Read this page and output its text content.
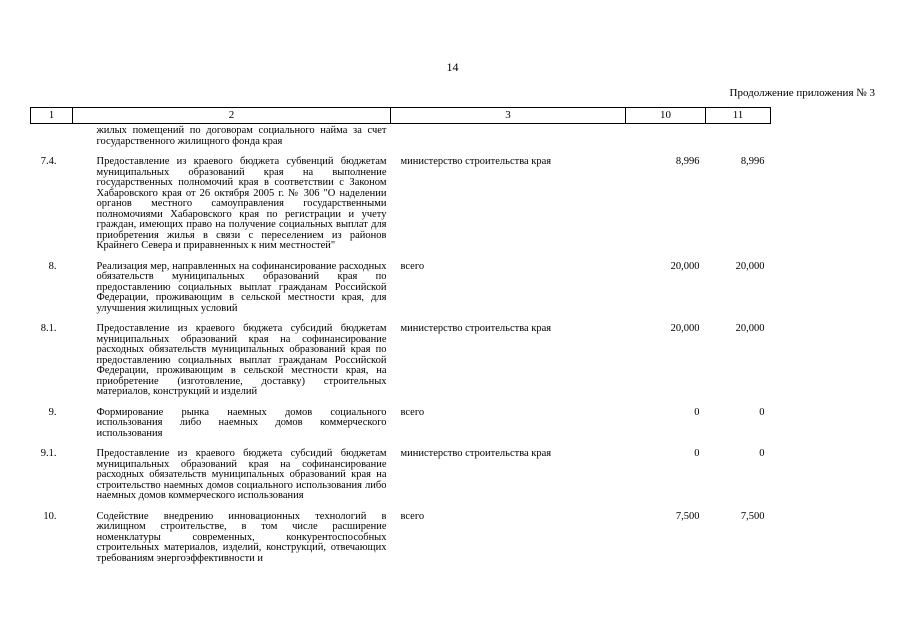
14
Продолжение приложения № 3
1	2	3	10	11
	жилых помещений по договорам социального найма за счет государственного жилищного фонда края			
7.4.	Предоставление из краевого бюджета субвенций бюджетам муниципальных образований края на выполнение государственных полномочий края в соответствии с Законом Хабаровского края от 26 октября 2005 г. № 306 "О наделении органов местного самоуправления государственными полномочиями Хабаровского края по регистрации и учету граждан, имеющих право на получение социальных выплат для приобретения жилья в связи с переселением из районов Крайнего Севера и приравненных к ним местностей"	министерство строительства края	8,996	8,996
8.	Реализация мер, направленных на софинансирование расходных обязательств муниципальных образований края по предоставлению социальных выплат гражданам Российской Федерации, проживающим в сельской местности края, для улучшения жилищных условий	всего	20,000	20,000
8.1.	Предоставление из краевого бюджета субсидий бюджетам муниципальных образований края на софинансирование расходных обязательств муниципальных образований края по предоставлению социальных выплат гражданам Российской Федерации, проживающим в сельской местности края, на приобретение (изготовление, доставку) строительных материалов, конструкций и изделий	министерство строительства края	20,000	20,000
9.	Формирование рынка наемных домов социального использования либо наемных домов коммерческого использования	всего	0	0
9.1.	Предоставление из краевого бюджета субсидий бюджетам муниципальных образований края на софинансирование расходных обязательств муниципальных образований края на строительство наемных домов социального использования либо наемных домов коммерческого использования	министерство строительства края	0	0
10.	Содействие внедрению инновационных технологий в жилищном строительстве, в том числе расширение номенклатуры современных, конкурентоспособных строительных материалов, изделий, конструкций, отвечающих требованиям энергоэффективности и	всего	7,500	7,500
